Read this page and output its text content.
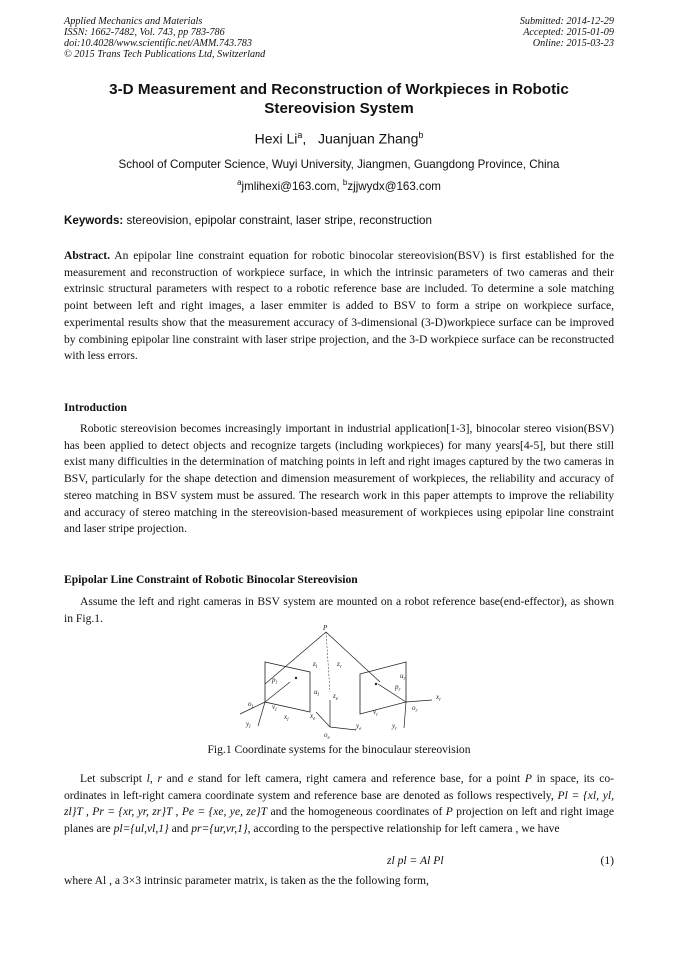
Applied Mechanics and Materials
ISSN: 1662-7482, Vol. 743, pp 783-786
doi:10.4028/www.scientific.net/AMM.743.783
© 2015 Trans Tech Publications Ltd, Switzerland
Submitted: 2014-12-29
Accepted: 2015-01-09
Online: 2015-03-23
3-D Measurement and Reconstruction of Workpieces in Robotic
Stereovision System
Hexi Li$^a$, Juanjuan Zhang$^b$
School of Computer Science, Wuyi University, Jiangmen, Guangdong Province, China
$^a$jmlihexi@163.com, $^b$zjjwydx@163.com
Keywords: stereovision, epipolar constraint, laser stripe, reconstruction
Abstract. An epipolar line constraint equation for robotic binocolar stereovision(BSV) is first established for the measurement and reconstruction of workpiece surface, in which the intrinsic parameters of two cameras and their extrinsic structural parameters with respect to a robotic reference base are included. To determine a sole matching point between left and right images, a laser emmiter is added to BSV to form a stripe on workpiece surface, experimental results show that the measurement accuracy of 3-dimensional (3-D)workpiece surface can be improved by combining epipolar line constraint with laser stripe projection, and the 3-D workpiece surface can be reconstructed with less errors.
Introduction
Robotic stereovision becomes increasingly important in industrial application[1-3], binocolar stereo vision(BSV) has been applied to detect objects and recognize targets (including workpieces) for many years[4-5], but there still exist many difficulties in the determination of matching points in left and right images captured by the two cameras in BSV, particularly for the shape detection and dimension measurement of workpieces, the reliability and accuracy of stereo matching in BSV system must be assured. The research work in this paper attempts to improve the reliability and accuracy of stereo matching in the stereovision-based measurement of workpieces using epipolar line constraint and laser stripe projection.
Epipolar Line Constraint of Robotic Binocolar Stereovision
Assume the left and right cameras in BSV system are mounted on a robot reference base(end-effector), as shown in Fig.1.
P
$z_l$	$z_r$
$p_l$	$p_r$
$u_l$
$u_r$
$v_l$	$v_r$
$o_l$	$o_r$
$x_l$
$x_r$
$y_l$	$y_r$
$z_e$
$x_e$
$y_e$
$o_e$
Fig.1 Coordinate systems for the binoculaur stereovision
Let subscript l, r and e stand for left camera, right camera and reference base, for a point P in space, its co-ordinates in left-right camera coordinate system and reference base are denoted as follows respectively, Pl = {xl, yl, zl}T , Pr = {xr, yr, zr}T , Pe = {xe, ye, ze}T and the homogeneous coordinates of P projection on left and right image planes are pl={ul,vl,1} and pr={ur,vr,1}, according to the perspective relationship for left camera , we have
zl pl = Al Pl	(1)
where Al , a 3×3 intrinsic parameter matrix, is taken as the the following form,
